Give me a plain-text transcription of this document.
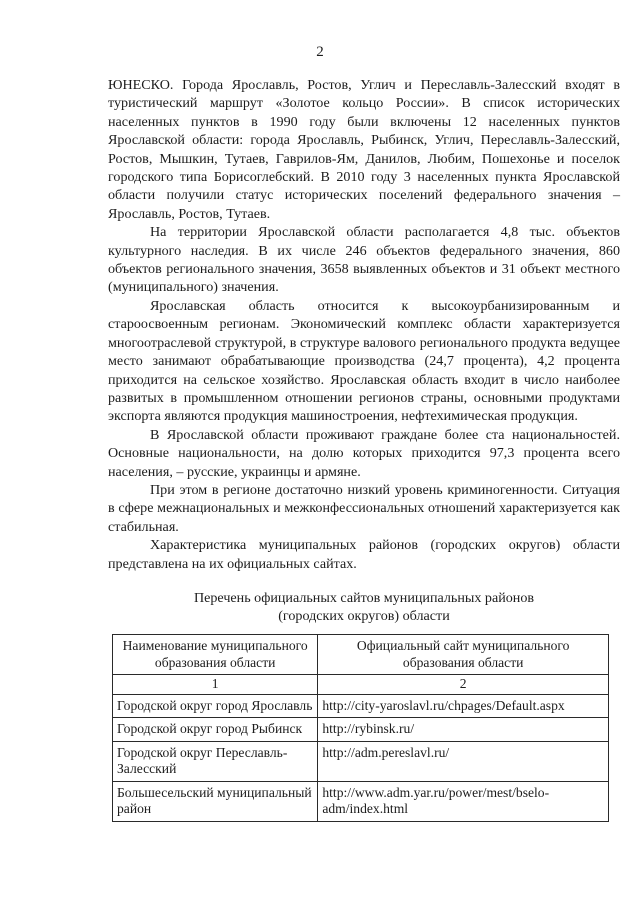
2

ЮНЕСКО. Города Ярославль, Ростов, Углич и Переславль-Залесский входят в туристический маршрут «Золотое кольцо России». В список исторических населенных пунктов в 1990 году были включены 12 населенных пунктов Ярославской области: города Ярославль, Рыбинск, Углич, Переславль-Залесский, Ростов, Мышкин, Тутаев, Гаврилов-Ям, Данилов, Любим, Пошехонье и поселок городского типа Борисоглебский. В 2010 году 3 населенных пункта Ярославской области получили статус исторических поселений федерального значения – Ярославль, Ростов, Тутаев.

На территории Ярославской области располагается 4,8 тыс. объектов культурного наследия. В их числе 246 объектов федерального значения, 860 объектов регионального значения, 3658 выявленных объектов и 31 объект местного (муниципального) значения.

Ярославская область относится к высокоурбанизированным и староосвоенным регионам. Экономический комплекс области характеризуется многоотраслевой структурой, в структуре валового регионального продукта ведущее место занимают обрабатывающие производства (24,7 процента), 4,2 процента приходится на сельское хозяйство. Ярославская область входит в число наиболее развитых в промышленном отношении регионов страны, основными продуктами экспорта являются продукция машиностроения, нефтехимическая продукция.

В Ярославской области проживают граждане более ста национальностей. Основные национальности, на долю которых приходится 97,3 процента всего населения, – русские, украинцы и армяне.

При этом в регионе достаточно низкий уровень криминогенности. Ситуация в сфере межнациональных и межконфессиональных отношений характеризуется как стабильная.

Характеристика муниципальных районов (городских округов) области представлена на их официальных сайтах.

Перечень официальных сайтов муниципальных районов
(городских округов) области
Наименование муниципального образования области	Официальный сайт муниципального образования области
1	2
Городской округ город Ярославль	http://city-yaroslavl.ru/chpages/Default.aspx
Городской округ город Рыбинск	http://rybinsk.ru/
Городской округ Переславль-Залесский	http://adm.pereslavl.ru/
Большесельский муниципальный район	http://www.adm.yar.ru/power/mest/bselo-adm/index.html
